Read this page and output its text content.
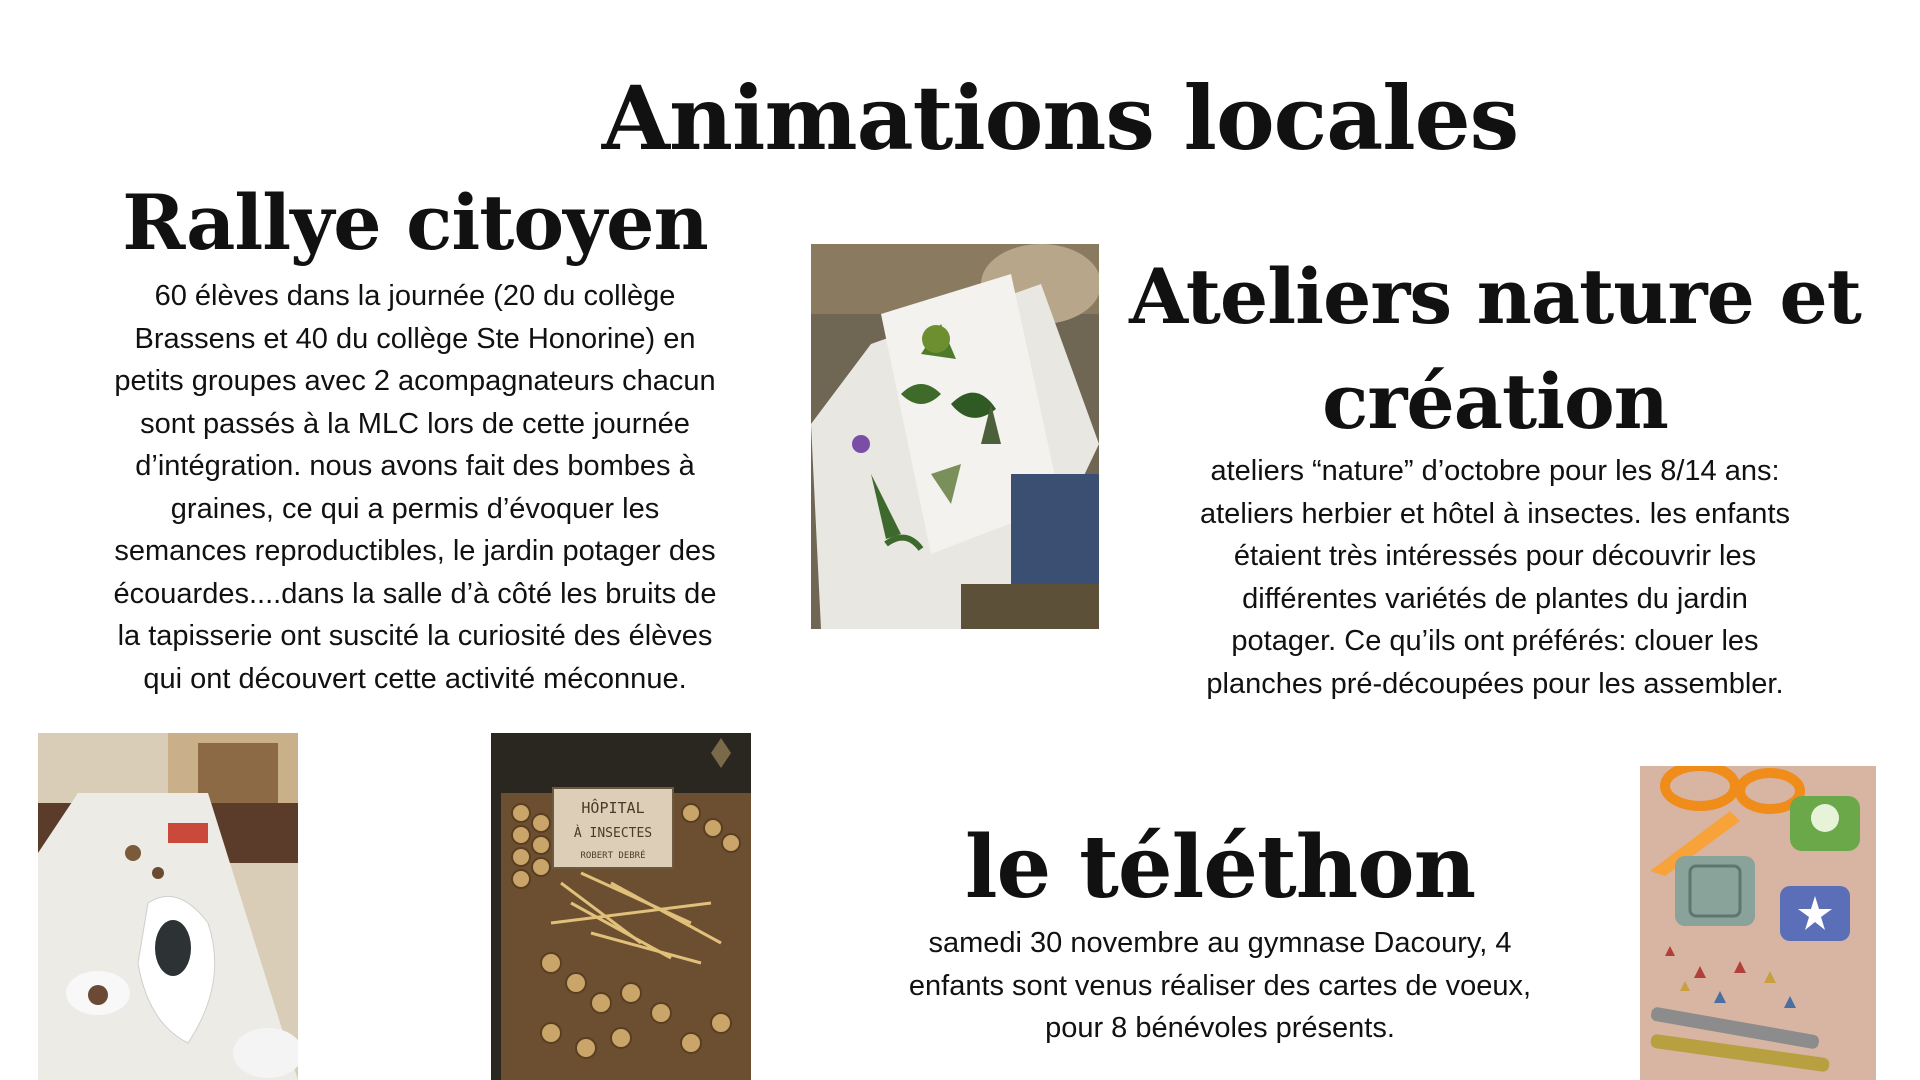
Animations locales
Rallye citoyen
60 élèves dans la journée (20 du collège
Brassens et 40 du collège Ste Honorine) en
petits groupes avec 2 acompagnateurs chacun
sont passés à la MLC lors de cette journée
d’intégration. nous avons fait des bombes à
graines, ce qui a permis d’évoquer les
semances reproductibles, le jardin potager des
écouardes....dans la salle d’à côté les bruits de
la tapisserie ont suscité la curiosité des élèves
qui ont découvert cette activité méconnue.
Ateliers nature et
création
ateliers “nature” d’octobre pour les 8/14 ans:
ateliers herbier et hôtel à insectes. les enfants
étaient très intéressés pour découvrir les
différentes variétés de plantes du jardin
potager. Ce qu’ils ont préférés: clouer les
planches pré-découpées pour les assembler.
le téléthon
samedi 30 novembre au gymnase Dacoury, 4
enfants sont venus réaliser des cartes de voeux,
pour 8 bénévoles présents.
HÔPITAL
À INSECTES
ROBERT DEBRÉ
